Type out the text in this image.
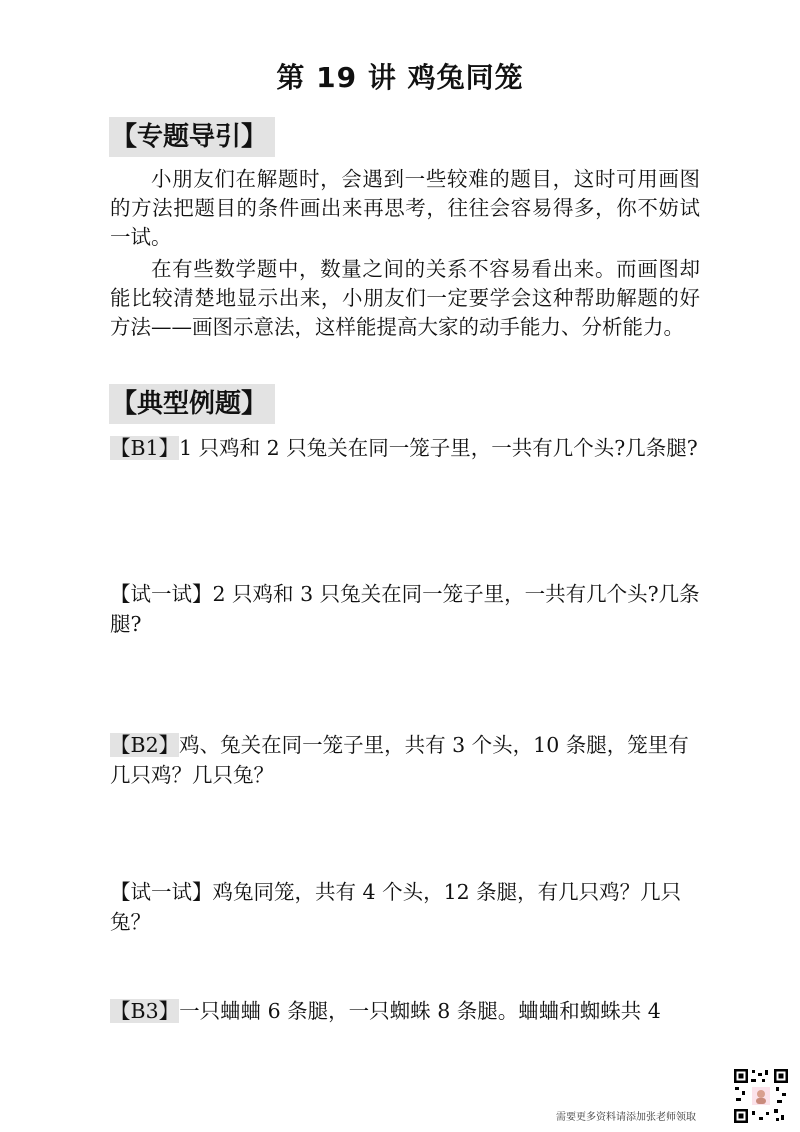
第 19 讲 鸡兔同笼
【专题导引】

小朋友们在解题时，会遇到一些较难的题目，这时可用画图的方法把题目的条件画出来再思考，往往会容易得多，你不妨试一试。

在有些数学题中，数量之间的关系不容易看出来。而画图却能比较清楚地显示出来，小朋友们一定要学会这种帮助解题的好方法——画图示意法，这样能提高大家的动手能力、分析能力。

【典型例题】

【B1】1 只鸡和 2 只兔关在同一笼子里，一共有几个头?几条腿?

【试一试】2 只鸡和 3 只兔关在同一笼子里，一共有几个头?几条腿?

【B2】鸡、兔关在同一笼子里，共有 3 个头，10 条腿，笼里有几只鸡？几只兔？

【试一试】鸡兔同笼，共有 4 个头，12 条腿，有几只鸡？几只兔？

【B3】一只蛐蛐 6 条腿，一只蜘蛛 8 条腿。蛐蛐和蜘蛛共 4

需要更多资料请添加张老师领取
